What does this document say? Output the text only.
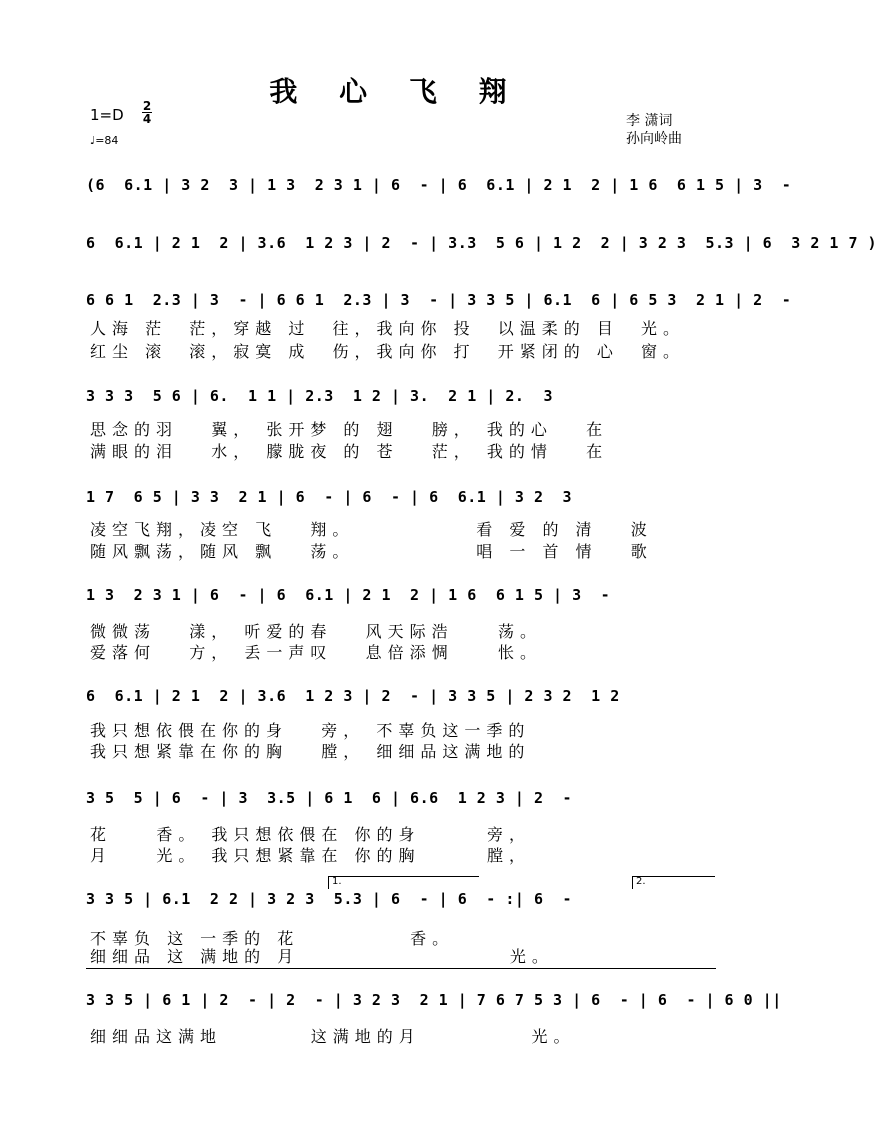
我 心 飞 翔
1=D 2
4
♩=84
李 潇词
孙向岭曲
(6  6.1 | 3 2  3 | 1 3  2 3 1 | 6  - | 6  6.1 | 2 1  2 | 1 6  6 1 5 | 3  -
6  6.1 | 2 1  2 | 3.6  1 2 3 | 2  - | 3.3  5 6 | 1 2  2 | 3 2 3  5.3 | 6  3 2 1 7 )
6 6 1  2.3 | 3  - | 6 6 1  2.3 | 3  - | 3 3 5 | 6.1  6 | 6 5 3  2 1 | 2  -
人海 茫  茫，穿越 过  往，我向你 投  以温柔的 目  光。
红尘 滚  滚，寂寞 成  伤，我向你 打  开紧闭的 心  窗。
3 3 3  5 6 | 6.  1 1 | 2.3  1 2 | 3.  2 1 | 2.  3
思念的羽   翼， 张开梦 的 翅   膀， 我的心   在
满眼的泪   水， 朦胧夜 的 苍   茫， 我的情   在
1 7  6 5 | 3 3  2 1 | 6  - | 6  - | 6  6.1 | 3 2  3
凌空飞翔，凌空 飞   翔。           看 爱 的 清   波
随风飘荡，随风 飘   荡。           唱 一 首 情   歌
1 3  2 3 1 | 6  - | 6  6.1 | 2 1  2 | 1 6  6 1 5 | 3  -
微微荡   漾， 听爱的春   风天际浩    荡。
爱落何   方， 丢一声叹   息倍添惆    怅。
6  6.1 | 2 1  2 | 3.6  1 2 3 | 2  - | 3 3 5 | 2 3 2  1 2
我只想依偎在你的身   旁， 不辜负这一季的
我只想紧靠在你的胸   膛， 细细品这满地的
3 5  5 | 6  - | 3  3.5 | 6 1  6 | 6.6  1 2 3 | 2  -
花    香。 我只想依偎在 你的身      旁，
月    光。 我只想紧靠在 你的胸      膛，
1.	2.
3 3 5 | 6.1  2 2 | 3 2 3  5.3 | 6  - | 6  - :| 6  -
不辜负 这 一季的 花          香。
细细品 这 满地的 月                   光。
3 3 5 | 6 1 | 2  - | 2  - | 3 2 3  2 1 | 7 6 7 5 3 | 6  - | 6  - | 6 0 ||
细细品这满地        这满地的月          光。
